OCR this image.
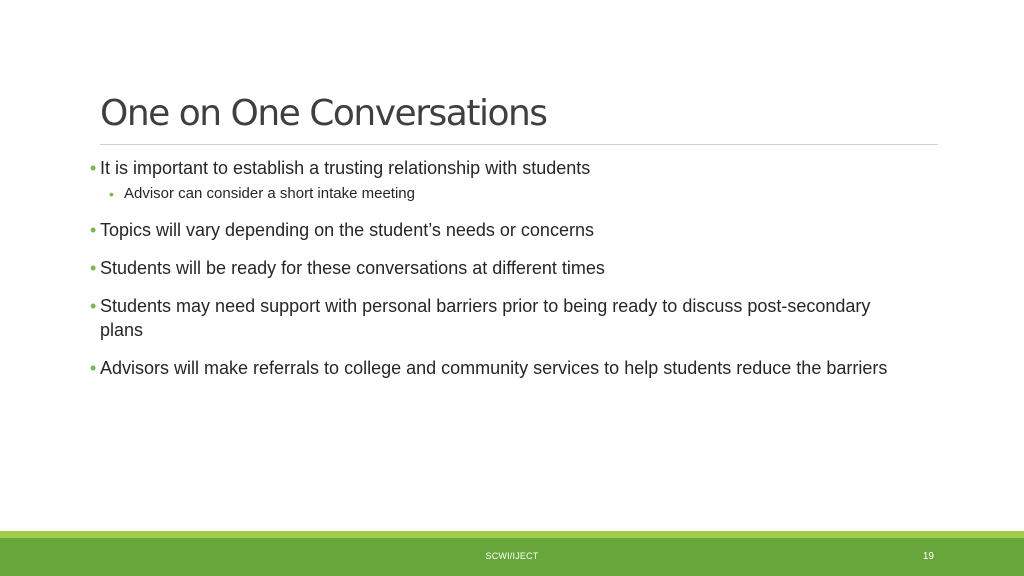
One on One Conversations
• It is important to establish a trusting relationship with students
• Advisor can consider a short intake meeting
• Topics will vary depending on the student’s needs or concerns
• Students will be ready for these conversations at different times
• Students may need support with personal barriers prior to being ready to discuss post-secondary plans
• Advisors will make referrals to college and community services to help students reduce the barriers
SCWI/IJECT	19
